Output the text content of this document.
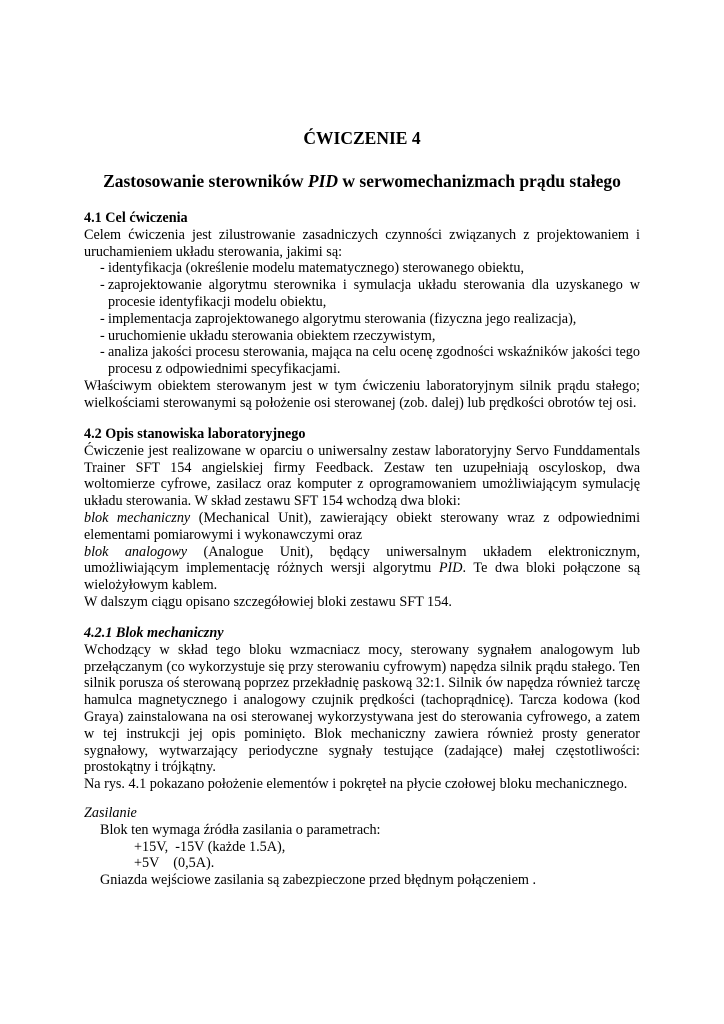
ĆWICZENIE 4
Zastosowanie sterowników PID w serwomechanizmach prądu stałego

4.1 Cel ćwiczenia

Celem ćwiczenia jest zilustrowanie zasadniczych czynności związanych z projektowaniem i

uruchamieniem układu sterowania, jakimi są:

- identyfikacja (określenie modelu matematycznego) sterowanego obiektu,
- zaprojektowanie algorytmu sterownika i symulacja układu sterowania dla uzyskanego w procesie identyfikacji modelu obiektu,
- implementacja zaprojektowanego algorytmu sterowania (fizyczna jego realizacja),
- uruchomienie układu sterowania obiektem rzeczywistym,
- analiza jakości procesu sterowania, mająca na celu ocenę zgodności wskaźników jakości tego procesu z odpowiednimi specyfikacjami.

Właściwym obiektem sterowanym jest w tym ćwiczeniu laboratoryjnym silnik prądu stałego; wielkościami sterowanymi są położenie osi sterowanej (zob. dalej) lub prędkości obrotów tej osi.

4.2 Opis stanowiska laboratoryjnego

Ćwiczenie jest realizowane w oparciu o uniwersalny zestaw laboratoryjny Servo Funddamentals Trainer SFT 154 angielskiej firmy Feedback. Zestaw ten uzupełniają oscyloskop, dwa woltomierze cyfrowe, zasilacz oraz komputer z oprogramowaniem umożliwiającym symulację układu sterowania. W skład zestawu SFT 154 wchodzą dwa bloki:

blok mechaniczny (Mechanical Unit), zawierający obiekt sterowany wraz z odpowiednimi elementami pomiarowymi i wykonawczymi oraz

blok analogowy (Analogue Unit), będący uniwersalnym układem elektronicznym, umożliwiającym implementację różnych wersji algorytmu PID. Te dwa bloki połączone są wielożyłowym kablem.

W dalszym ciągu opisano szczegółowiej bloki zestawu SFT 154.

4.2.1 Blok mechaniczny

Wchodzący w skład tego bloku wzmacniacz mocy, sterowany sygnałem analogowym lub przełączanym (co wykorzystuje się przy sterowaniu cyfrowym) napędza silnik prądu stałego. Ten silnik porusza oś sterowaną poprzez przekładnię paskową 32:1. Silnik ów napędza również tarczę hamulca magnetycznego i analogowy czujnik prędkości (tachoprądnicę). Tarcza kodowa (kod Graya) zainstalowana na osi sterowanej wykorzystywana jest do sterowania cyfrowego, a zatem w tej instrukcji jej opis pominięto. Blok mechaniczny zawiera również prosty generator sygnałowy, wytwarzający periodyczne sygnały testujące (zadające) małej częstotliwości: prostokątny i trójkątny.

Na rys. 4.1 pokazano położenie elementów i pokręteł na płycie czołowej bloku mechanicznego.

Zasilanie

Blok ten wymaga źródła zasilania o parametrach:

+15V,  -15V (każde 1.5A),

+5V    (0,5A).

Gniazda wejściowe zasilania są zabezpieczone przed błędnym połączeniem .
